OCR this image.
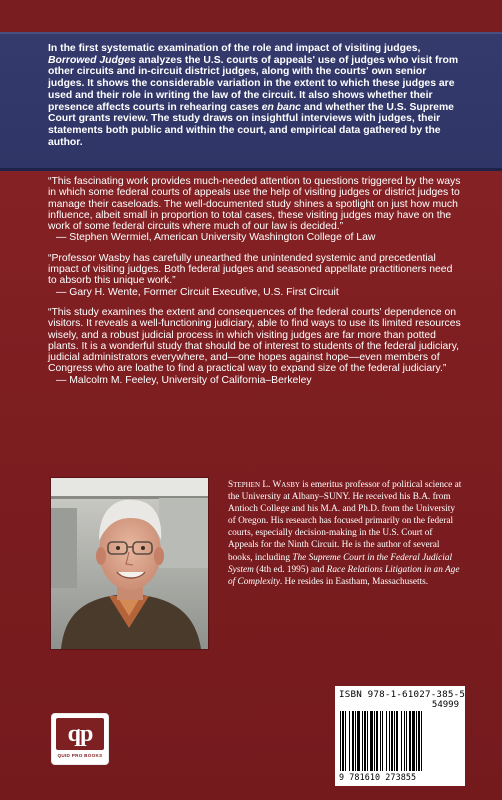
In the first systematic examination of the role and impact of visiting judges, Borrowed Judges analyzes the U.S. courts of appeals' use of judges who visit from other circuits and in-circuit district judges, along with the courts' own senior judges. It shows the considerable variation in the extent to which these judges are used and their role in writing the law of the circuit. It also shows whether their presence affects courts in rehearing cases en banc and whether the U.S. Supreme Court grants review. The study draws on insightful interviews with judges, their statements both public and within the court, and empirical data gathered by the author.

“This fascinating work provides much-needed attention to questions triggered by the ways in which some federal courts of appeals use the help of visiting judges or district judges to manage their caseloads. The well-documented study shines a spotlight on just how much influence, albeit small in proportion to total cases, these visiting judges may have on the work of some federal circuits where much of our law is decided.”

— Stephen Wermiel, American University Washington College of Law

“Professor Wasby has carefully unearthed the unintended systemic and precedential impact of visiting judges. Both federal judges and seasoned appellate practitioners need to absorb this unique work.”

— Gary H. Wente, Former Circuit Executive, U.S. First Circuit

“This study examines the extent and consequences of the federal courts' dependence on visitors. It reveals a well-functioning judiciary, able to find ways to use its limited resources wisely, and a robust judicial process in which visiting judges are far more than potted plants. It is a wonderful study that should be of interest to students of the federal judiciary, judicial administrators everywhere, and—one hopes against hope—even members of Congress who are loathe to find a practical way to expand size of the federal judiciary.”

— Malcolm M. Feeley, University of California–Berkeley

Stephen L. Wasby is emeritus professor of political science at the University at Albany–SUNY. He received his B.A. from Antioch College and his M.A. and Ph.D. from the University of Oregon. His research has focused primarily on the federal courts, especially decision-making in the U.S. Court of Appeals for the Ninth Circuit. He is the author of several books, including The Supreme Court in the Federal Judicial System (4th ed. 1995) and Race Relations Litigation in an Age of Complexity. He resides in Eastham, Massachusetts.

qp
QUID PRO BOOKS
ISBN 978-1-61027-385-5
54999
9 781610 273855
